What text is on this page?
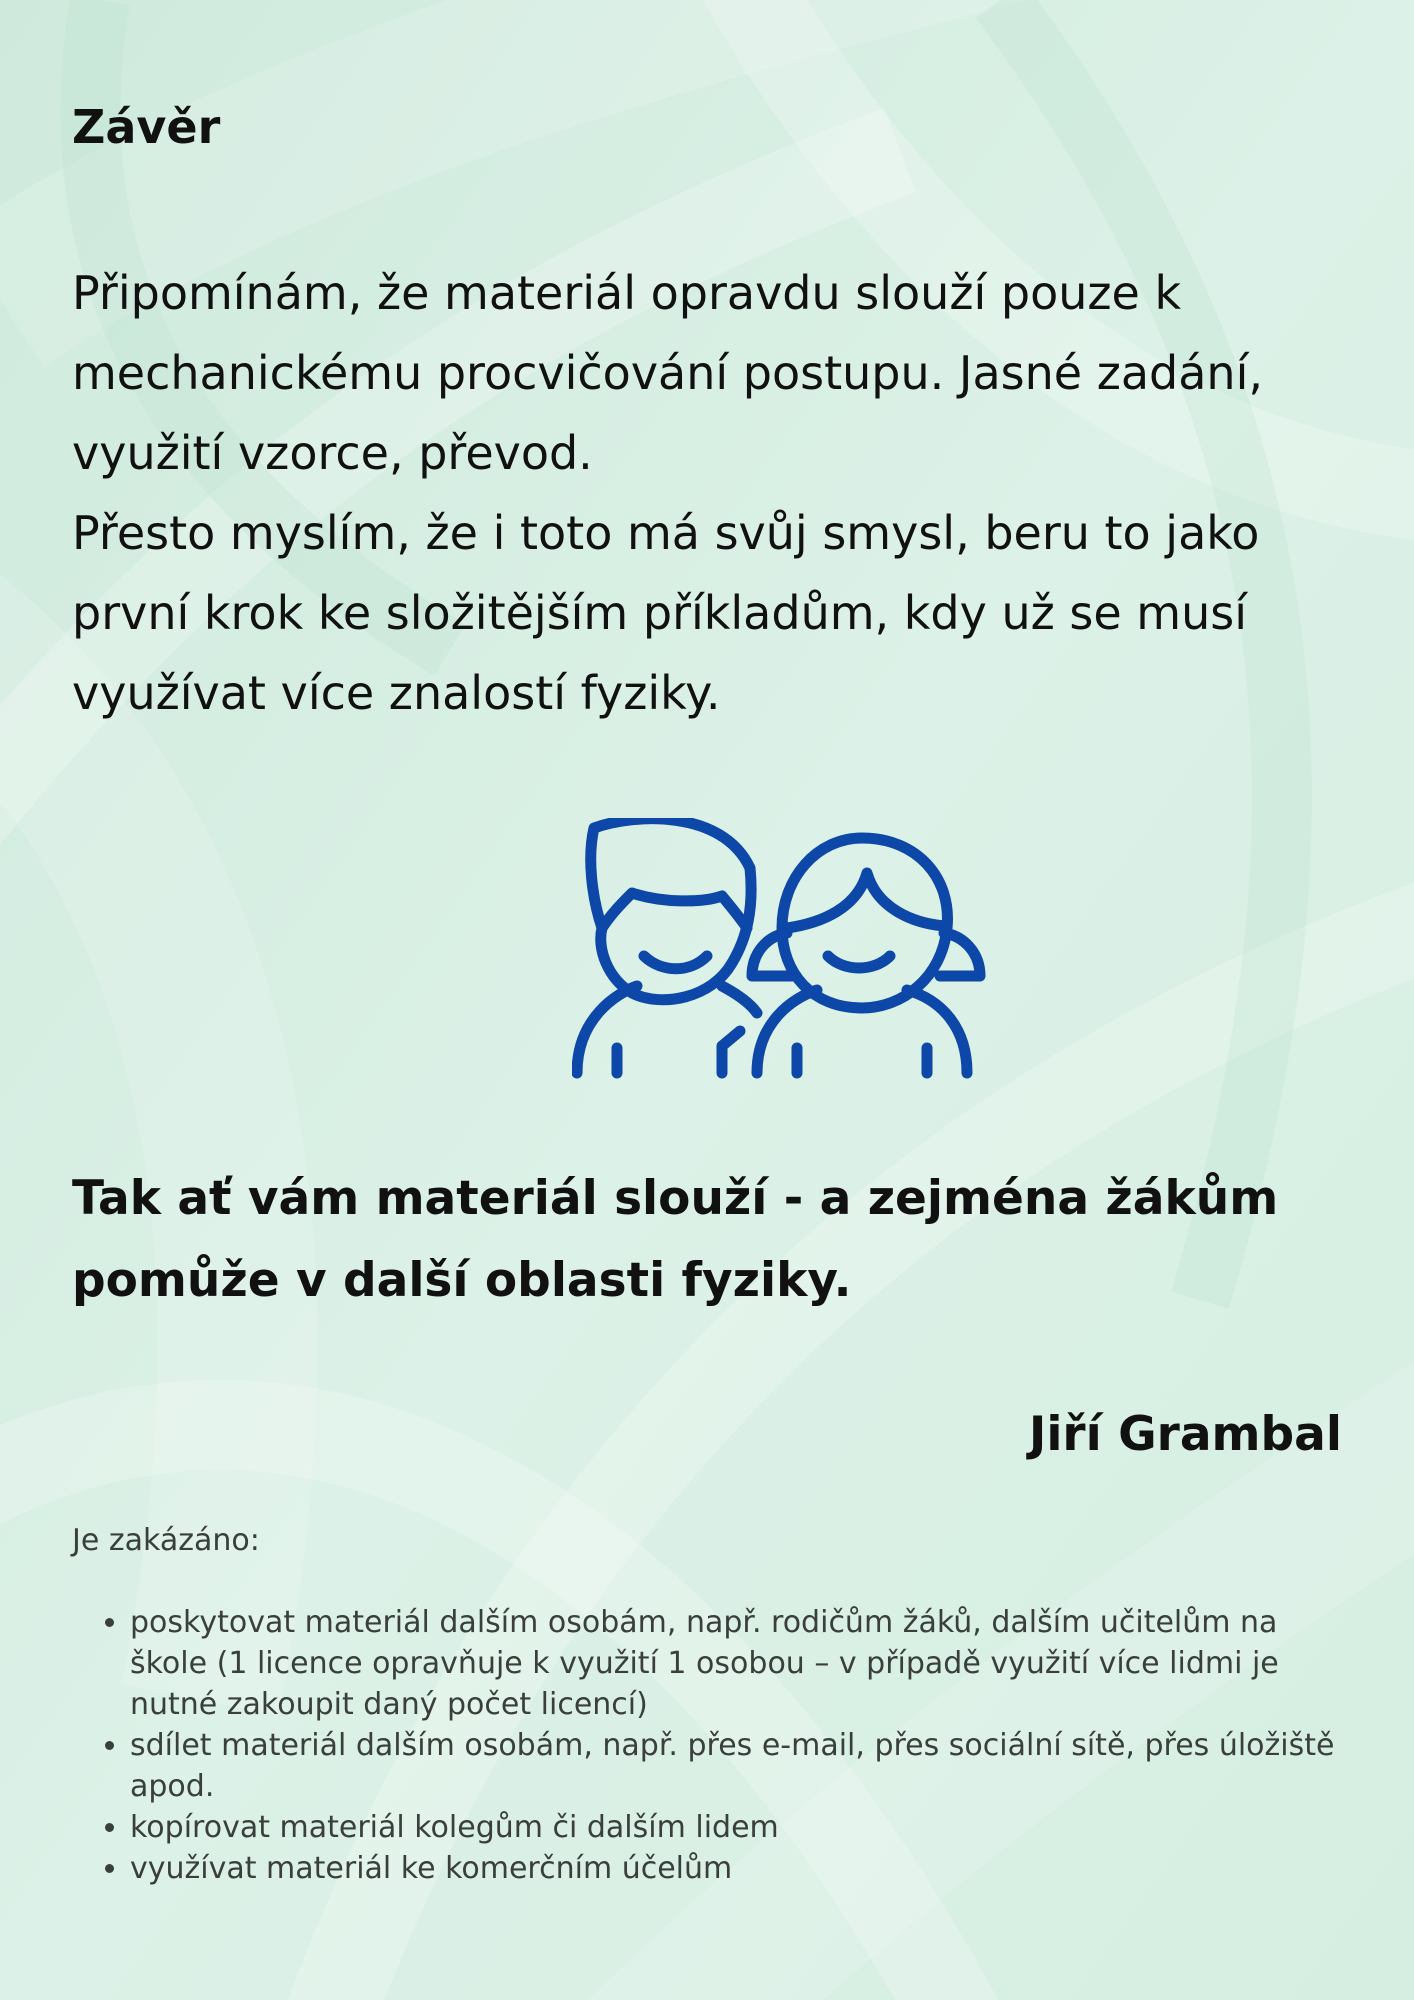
Závěr

Připomínám, že materiál opravdu slouží pouze k
mechanickému procvičování postupu. Jasné zadání,
využití vzorce, převod.
Přesto myslím, že i toto má svůj smysl, beru to jako
první krok ke složitějším příkladům, kdy už se musí
využívat více znalostí fyziky.

Tak ať vám materiál slouží - a zejména žákům
pomůže v další oblasti fyziky.

Jiří Grambal

Je zakázáno:

• poskytovat materiál dalším osobám, např. rodičům žáků, dalším učitelům na škole (1 licence opravňuje k využití 1 osobou – v případě využití více lidmi je nutné zakoupit daný počet licencí)
• sdílet materiál dalším osobám, např. přes e-mail, přes sociální sítě, přes úložiště apod.
• kopírovat materiál kolegům či dalším lidem
• využívat materiál ke komerčním účelům
